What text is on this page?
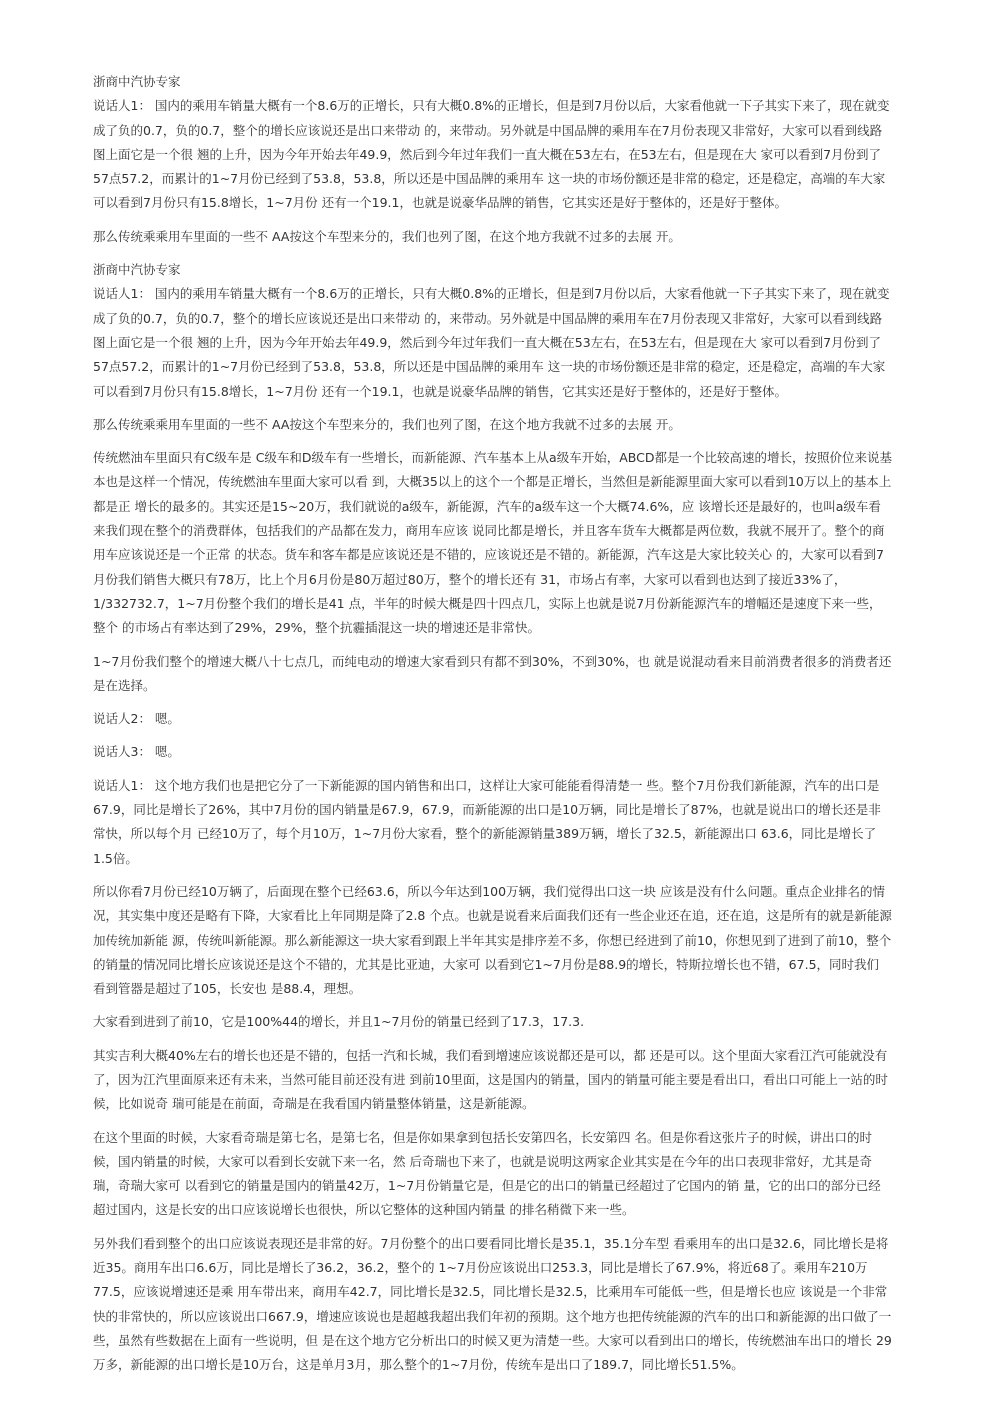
浙商中汽协专家
说话人1： 国内的乘用车销量大概有一个8.6万的正增长，只有大概0.8%的正增长，但是到7月份以后，大家看他就一下子其实下来了，现在就变
成了负的0.7，负的0.7，整个的增长应该说还是出口来带动 的，来带动。另外就是中国品牌的乘用车在7月份表现又非常好，大家可以看到线路
图上面它是一个很 翘的上升，因为今年开始去年49.9，然后到今年过年我们一直大概在53左右，在53左右，但是现在大 家可以看到7月份到了
57点57.2，而累计的1~7月份已经到了53.8，53.8，所以还是中国品牌的乘用车 这一块的市场份额还是非常的稳定，还是稳定，高端的车大家
可以看到7月份只有15.8增长，1~7月份 还有一个19.1，也就是说豪华品牌的销售，它其实还是好于整体的，还是好于整体。
那么传统乘乘用车里面的一些不 AA按这个车型来分的，我们也列了图，在这个地方我就不过多的去展 开。
浙商中汽协专家
说话人1： 国内的乘用车销量大概有一个8.6万的正增长，只有大概0.8%的正增长，但是到7月份以后，大家看他就一下子其实下来了，现在就变
成了负的0.7，负的0.7，整个的增长应该说还是出口来带动 的，来带动。另外就是中国品牌的乘用车在7月份表现又非常好，大家可以看到线路
图上面它是一个很 翘的上升，因为今年开始去年49.9，然后到今年过年我们一直大概在53左右，在53左右，但是现在大 家可以看到7月份到了
57点57.2，而累计的1~7月份已经到了53.8，53.8，所以还是中国品牌的乘用车 这一块的市场份额还是非常的稳定，还是稳定，高端的车大家
可以看到7月份只有15.8增长，1~7月份 还有一个19.1，也就是说豪华品牌的销售，它其实还是好于整体的，还是好于整体。
那么传统乘乘用车里面的一些不 AA按这个车型来分的，我们也列了图，在这个地方我就不过多的去展 开。
传统燃油车里面只有C级车是 C级车和D级车有一些增长，而新能源、汽车基本上从a级车开始，ABCD都是一个比较高速的增长，按照价位来说基
本也是这样一个情况，传统燃油车里面大家可以看 到，大概35以上的这个一个都是正增长，当然但是新能源里面大家可以看到10万以上的基本上
都是正 增长的最多的。其实还是15~20万，我们就说的a级车，新能源，汽车的a级车这一个大概74.6%，应 该增长还是最好的，也叫a级车看
来我们现在整个的消费群体，包括我们的产品都在发力，商用车应该 说同比都是增长，并且客车货车大概都是两位数，我就不展开了。整个的商
用车应该说还是一个正常 的状态。货车和客车都是应该说还是不错的，应该说还是不错的。新能源，汽车这是大家比较关心 的，大家可以看到7
月份我们销售大概只有78万，比上个月6月份是80万超过80万，整个的增长还有 31，市场占有率，大家可以看到也达到了接近33%了，
1/332732.7，1~7月份整个我们的增长是41 点，半年的时候大概是四十四点几，实际上也就是说7月份新能源汽车的增幅还是速度下来一些，
整个 的市场占有率达到了29%，29%，整个抗霾插混这一块的增速还是非常快。
1~7月份我们整个的增速大概八十七点几，而纯电动的增速大家看到只有都不到30%，不到30%，也 就是说混动看来目前消费者很多的消费者还
是在选择。
说话人2： 嗯。
说话人3： 嗯。
说话人1： 这个地方我们也是把它分了一下新能源的国内销售和出口，这样让大家可能能看得清楚一 些。整个7月份我们新能源，汽车的出口是
67.9，同比是增长了26%，其中7月份的国内销量是67.9，67.9，而新能源的出口是10万辆，同比是增长了87%，也就是说出口的增长还是非
常快，所以每个月 已经10万了，每个月10万，1~7月份大家看，整个的新能源销量389万辆，增长了32.5，新能源出口 63.6，同比是增长了
1.5倍。
所以你看7月份已经10万辆了，后面现在整个已经63.6，所以今年达到100万辆，我们觉得出口这一块 应该是没有什么问题。重点企业排名的情
况，其实集中度还是略有下降，大家看比上年同期是降了2.8 个点。也就是说看来后面我们还有一些企业还在追，还在追，这是所有的就是新能源
加传统加新能 源，传统叫新能源。那么新能源这一块大家看到跟上半年其实是排序差不多，你想已经进到了前10，你想见到了进到了前10，整个
的销量的情况同比增长应该说还是这个不错的，尤其是比亚迪，大家可 以看到它1~7月份是88.9的增长，特斯拉增长也不错，67.5，同时我们
看到管器是超过了105，长安也 是88.4，理想。
大家看到进到了前10，它是100%44的增长，并且1~7月份的销量已经到了17.3，17.3.
其实吉利大概40%左右的增长也还是不错的，包括一汽和长城，我们看到增速应该说都还是可以，都 还是可以。这个里面大家看江汽可能就没有
了，因为江汽里面原来还有未来，当然可能目前还没有进 到前10里面，这是国内的销量，国内的销量可能主要是看出口，看出口可能上一站的时
候，比如说奇 瑞可能是在前面，奇瑞是在我看国内销量整体销量，这是新能源。
在这个里面的时候，大家看奇瑞是第七名，是第七名，但是你如果拿到包括长安第四名，长安第四 名。但是你看这张片子的时候，讲出口的时
候，国内销量的时候，大家可以看到长安就下来一名，然 后奇瑞也下来了，也就是说明这两家企业其实是在今年的出口表现非常好，尤其是奇
瑞，奇瑞大家可 以看到它的销量是国内的销量42万，1~7月份销量它是，但是它的出口的销量已经超过了它国内的销 量，它的出口的部分已经
超过国内，这是长安的出口应该说增长也很快，所以它整体的这种国内销量 的排名稍微下来一些。
另外我们看到整个的出口应该说表现还是非常的好。7月份整个的出口要看同比增长是35.1，35.1分车型 看乘用车的出口是32.6，同比增长是将
近35。商用车出口6.6万，同比是增长了36.2，36.2，整个的 1~7月份应该说出口253.3，同比是增长了67.9%，将近68了。乘用车210万
77.5，应该说增速还是乘 用车带出来，商用车42.7，同比增长是32.5，同比增长是32.5，比乘用车可能低一些，但是增长也应 该说是一个非常
快的非常快的，所以应该说出口667.9，增速应该说也是超越我超出我们年初的预期。这个地方也把传统能源的汽车的出口和新能源的出口做了一
些，虽然有些数据在上面有一些说明，但 是在这个地方它分析出口的时候又更为清楚一些。大家可以看到出口的增长，传统燃油车出口的增长 29
万多，新能源的出口增长是10万台，这是单月3月，那么整个的1~7月份，传统车是出口了189.7，同比增长51.5%。
